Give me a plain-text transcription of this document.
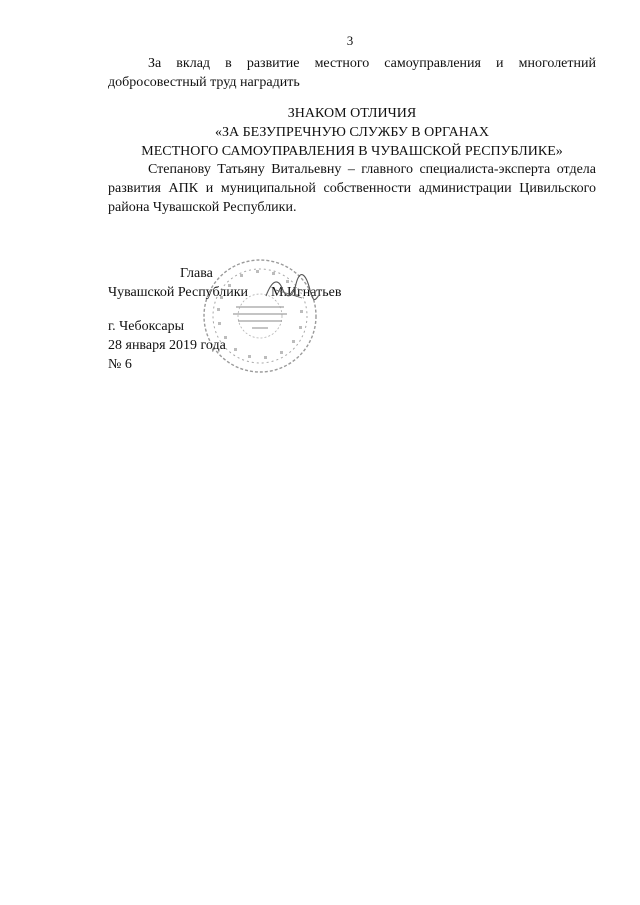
3
За вклад в развитие местного самоуправления и многолетний добросовестный труд наградить
ЗНАКОМ ОТЛИЧИЯ
«ЗА БЕЗУПРЕЧНУЮ СЛУЖБУ В ОРГАНАХ
МЕСТНОГО САМОУПРАВЛЕНИЯ В ЧУВАШСКОЙ РЕСПУБЛИКЕ»
Степанову Татьяну Витальевну – главного специалиста-эксперта отдела развития АПК и муниципальной собственности администрации Цивильского района Чувашской Республики.
Глава
Чувашской Республики	М.Игнатьев
г. Чебоксары
28 января 2019 года
№ 6
